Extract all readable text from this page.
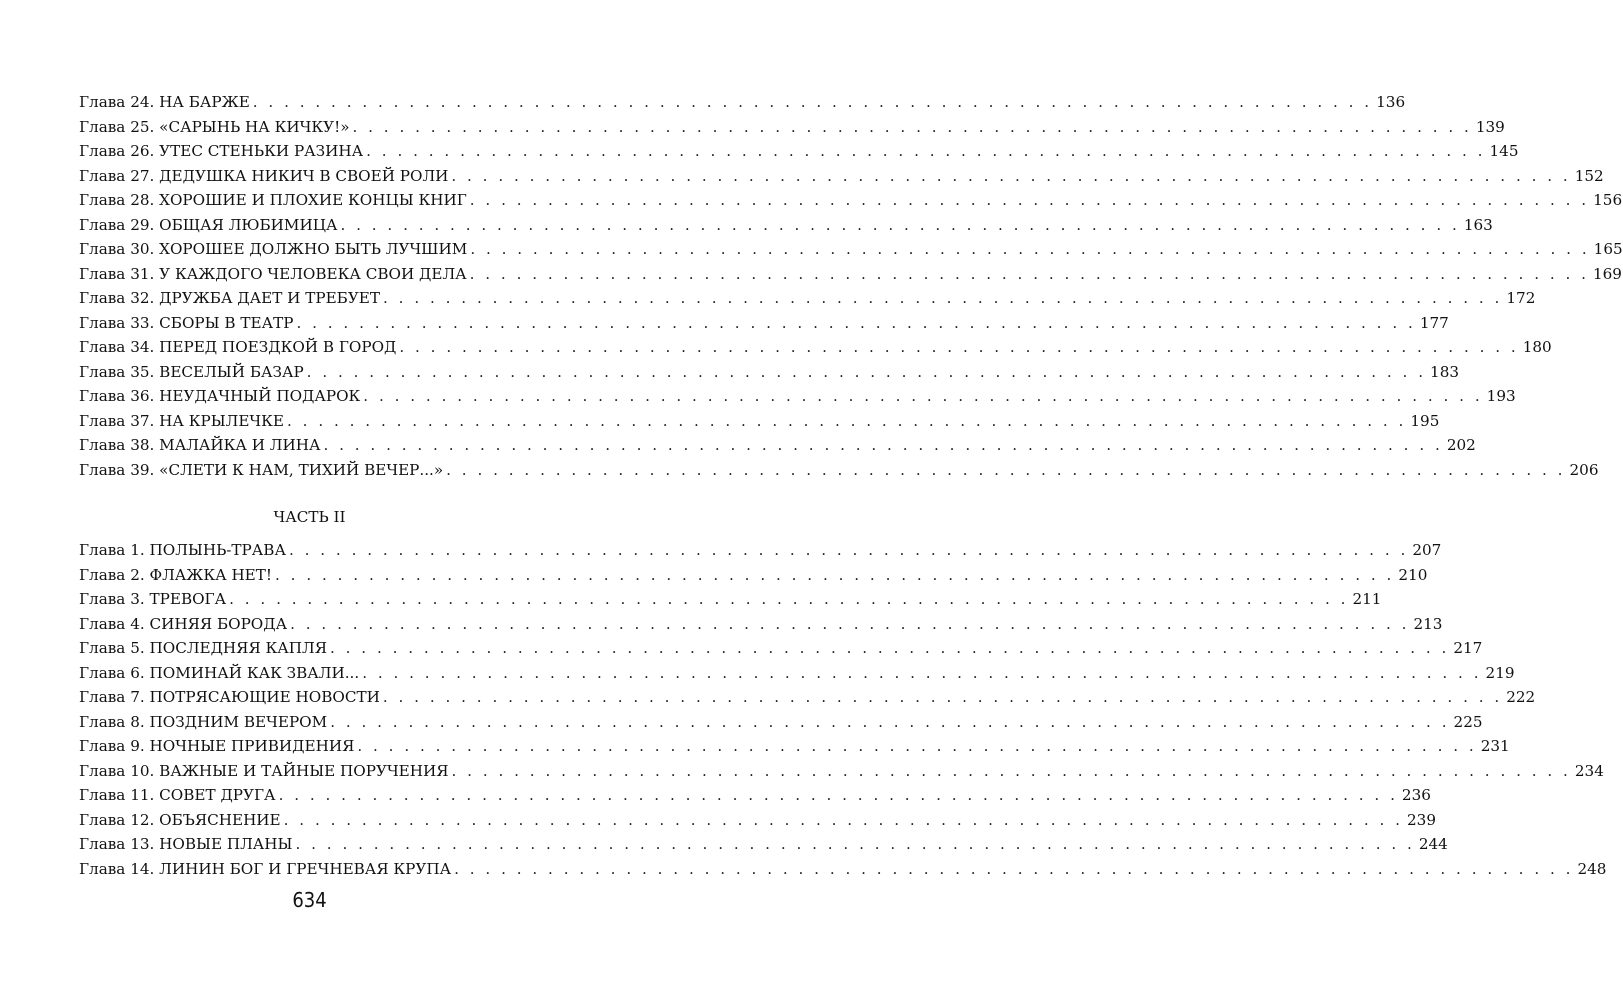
Глава 24. НА БАРЖЕ . . .	136
Глава 25. «САРЫНЬ НА КИЧКУ!» . . .	139
Глава 26. УТЕС СТЕНЬКИ РАЗИНА . . .	145
Глава 27. ДЕДУШКА НИКИЧ В СВОЕЙ РОЛИ . . .	152
Глава 28. ХОРОШИЕ И ПЛОХИЕ КОНЦЫ КНИГ . . .	156
Глава 29. ОБЩАЯ ЛЮБИМИЦА . . .	163
Глава 30. ХОРОШЕЕ ДОЛЖНО БЫТЬ ЛУЧШИМ . . .	165
Глава 31. У КАЖДОГО ЧЕЛОВЕКА СВОИ ДЕЛА . . .	169
Глава 32. ДРУЖБА ДАЕТ И ТРЕБУЕТ . . .	172
Глава 33. СБОРЫ В ТЕАТР . . .	177
Глава 34. ПЕРЕД ПОЕЗДКОЙ В ГОРОД . . .	180
Глава 35. ВЕСЕЛЫЙ БАЗАР . . .	183
Глава 36. НЕУДАЧНЫЙ ПОДАРОК . . .	193
Глава 37. НА КРЫЛЕЧКЕ . . .	195
Глава 38. МАЛАЙКА И ЛИНА . . .	202
Глава 39. «СЛЕТИ К НАМ, ТИХИЙ ВЕЧЕР...» . . .	206
ЧАСТЬ II
Глава 1. ПОЛЫНЬ-ТРАВА . . .	207
Глава 2. ФЛАЖКА НЕТ! . . .	210
Глава 3. ТРЕВОГА . . .	211
Глава 4. СИНЯЯ БОРОДА . . .	213
Глава 5. ПОСЛЕДНЯЯ КАПЛЯ . . .	217
Глава 6. ПОМИНАЙ КАК ЗВАЛИ... . . .	219
Глава 7. ПОТРЯСАЮЩИЕ НОВОСТИ . . .	222
Глава 8. ПОЗДНИМ ВЕЧЕРОМ . . .	225
Глава 9. НОЧНЫЕ ПРИВИДЕНИЯ . . .	231
Глава 10. ВАЖНЫЕ И ТАЙНЫЕ ПОРУЧЕНИЯ . . .	234
Глава 11. СОВЕТ ДРУГА . . .	236
Глава 12. ОБЪЯСНЕНИЕ . . .	239
Глава 13. НОВЫЕ ПЛАНЫ . . .	244
Глава 14. ЛИНИН БОГ И ГРЕЧНЕВАЯ КРУПА . . .	248
634
